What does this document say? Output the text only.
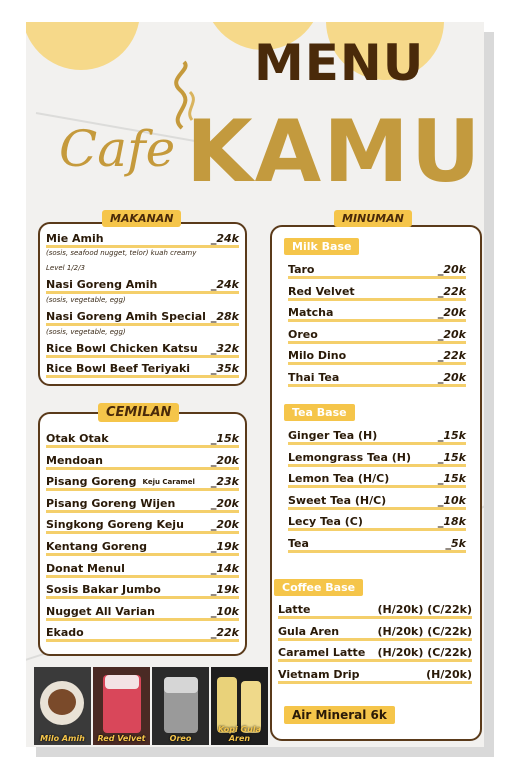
MENU
Cafe KAMU
Mie Amih	_24k
(sosis, seafood nugget, telor) kuah creamy
Level 1/2/3
Nasi Goreng Amih	_24k
(sosis, vegetable, egg)
Nasi Goreng Amih Special _28k
(sosis, vegetable, egg)
Rice Bowl Chicken Katsu _32k
Rice Bowl Beef Teriyaki _35k
MAKANAN
Otak Otak	_15k
Mendoan	_20k
Pisang Goreng Keju Caramel _23k
Pisang Goreng Wijen	_20k
Singkong Goreng Keju _20k
Kentang Goreng	_19k
Donat Menul	_14k
Sosis Bakar Jumbo	_19k
Nugget All Varian	_10k
Ekado	_22k
CEMILAN
Taro	_20k
Red Velvet	_22k
Matcha	_20k
Oreo	_20k
Milo Dino	_22k
Thai Tea	_20k
Ginger Tea (H)	_15k
Lemongrass Tea (H) _15k
Lemon Tea (H/C)	_15k
Sweet Tea (H/C)	_10k
Lecy Tea (C)	_18k
Tea	_5k
Latte	(H/20k) (C/22k)
Gula Aren	(H/20k) (C/22k)
Caramel Latte (H/20k) (C/22k)
Vietnam Drip	(H/20k)
MINUMAN
Milk Base
Tea Base
Coffee Base
Air Mineral 6k
Milo Amih	Red Velvet	Oreo
Kopi Gula Aren
